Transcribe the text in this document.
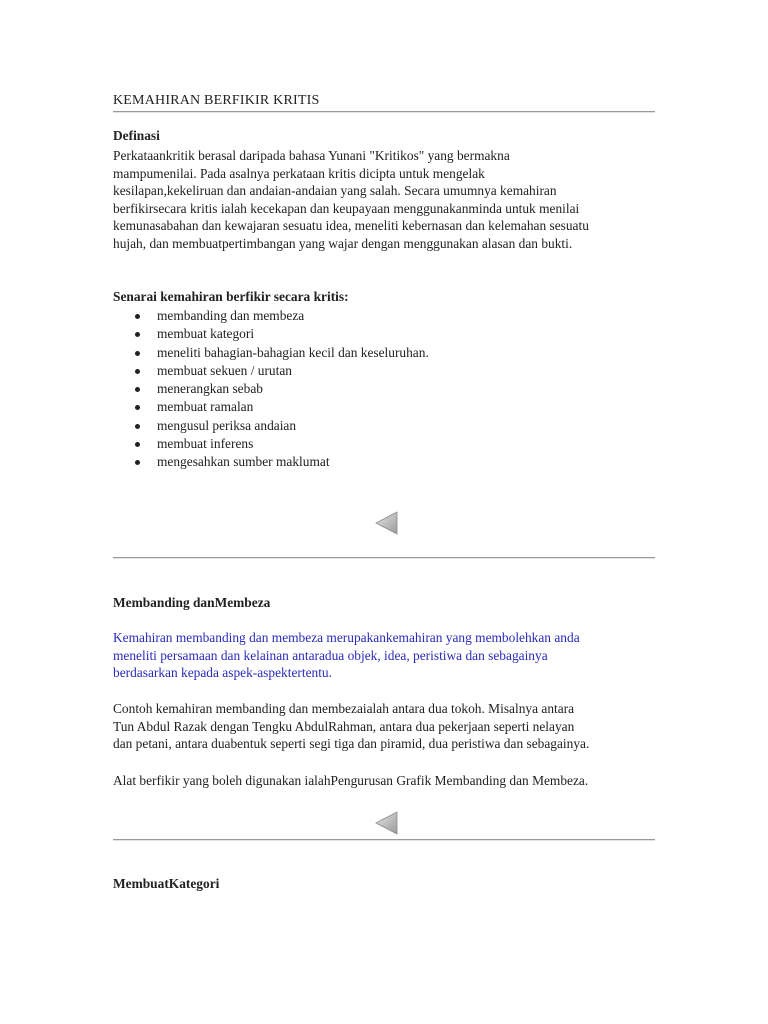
KEMAHIRAN BERFIKIR KRITIS
Definasi

Perkataankritik berasal daripada bahasa Yunani "Kritikos" yang bermakna
mampumenilai. Pada asalnya perkataan kritis dicipta untuk mengelak
kesilapan,kekeliruan dan andaian-andaian yang salah. Secara umumnya kemahiran
berfikirsecara kritis ialah kecekapan dan keupayaan menggunakanminda untuk menilai
kemunasabahan dan kewajaran sesuatu idea, meneliti kebernasan dan kelemahan sesuatu
hujah, dan membuatpertimbangan yang wajar dengan menggunakan alasan dan bukti.

Senarai kemahiran berfikir secara kritis:
membanding dan membeza
membuat kategori
meneliti bahagian-bahagian kecil dan keseluruhan.
membuat sekuen / urutan
menerangkan sebab
membuat ramalan
mengusul periksa andaian
membuat inferens
mengesahkan sumber maklumat
Membanding danMembeza

Kemahiran membanding dan membeza merupakankemahiran yang membolehkan anda
meneliti persamaan dan kelainan antaradua objek, idea, peristiwa dan sebagainya
berdasarkan kepada aspek-aspektertentu.

Contoh kemahiran membanding dan membezaialah antara dua tokoh. Misalnya antara
Tun Abdul Razak dengan Tengku AbdulRahman, antara dua pekerjaan seperti nelayan
dan petani, antara duabentuk seperti segi tiga dan piramid, dua peristiwa dan sebagainya.

Alat berfikir yang boleh digunakan ialahPengurusan Grafik Membanding dan Membeza.

MembuatKategori
